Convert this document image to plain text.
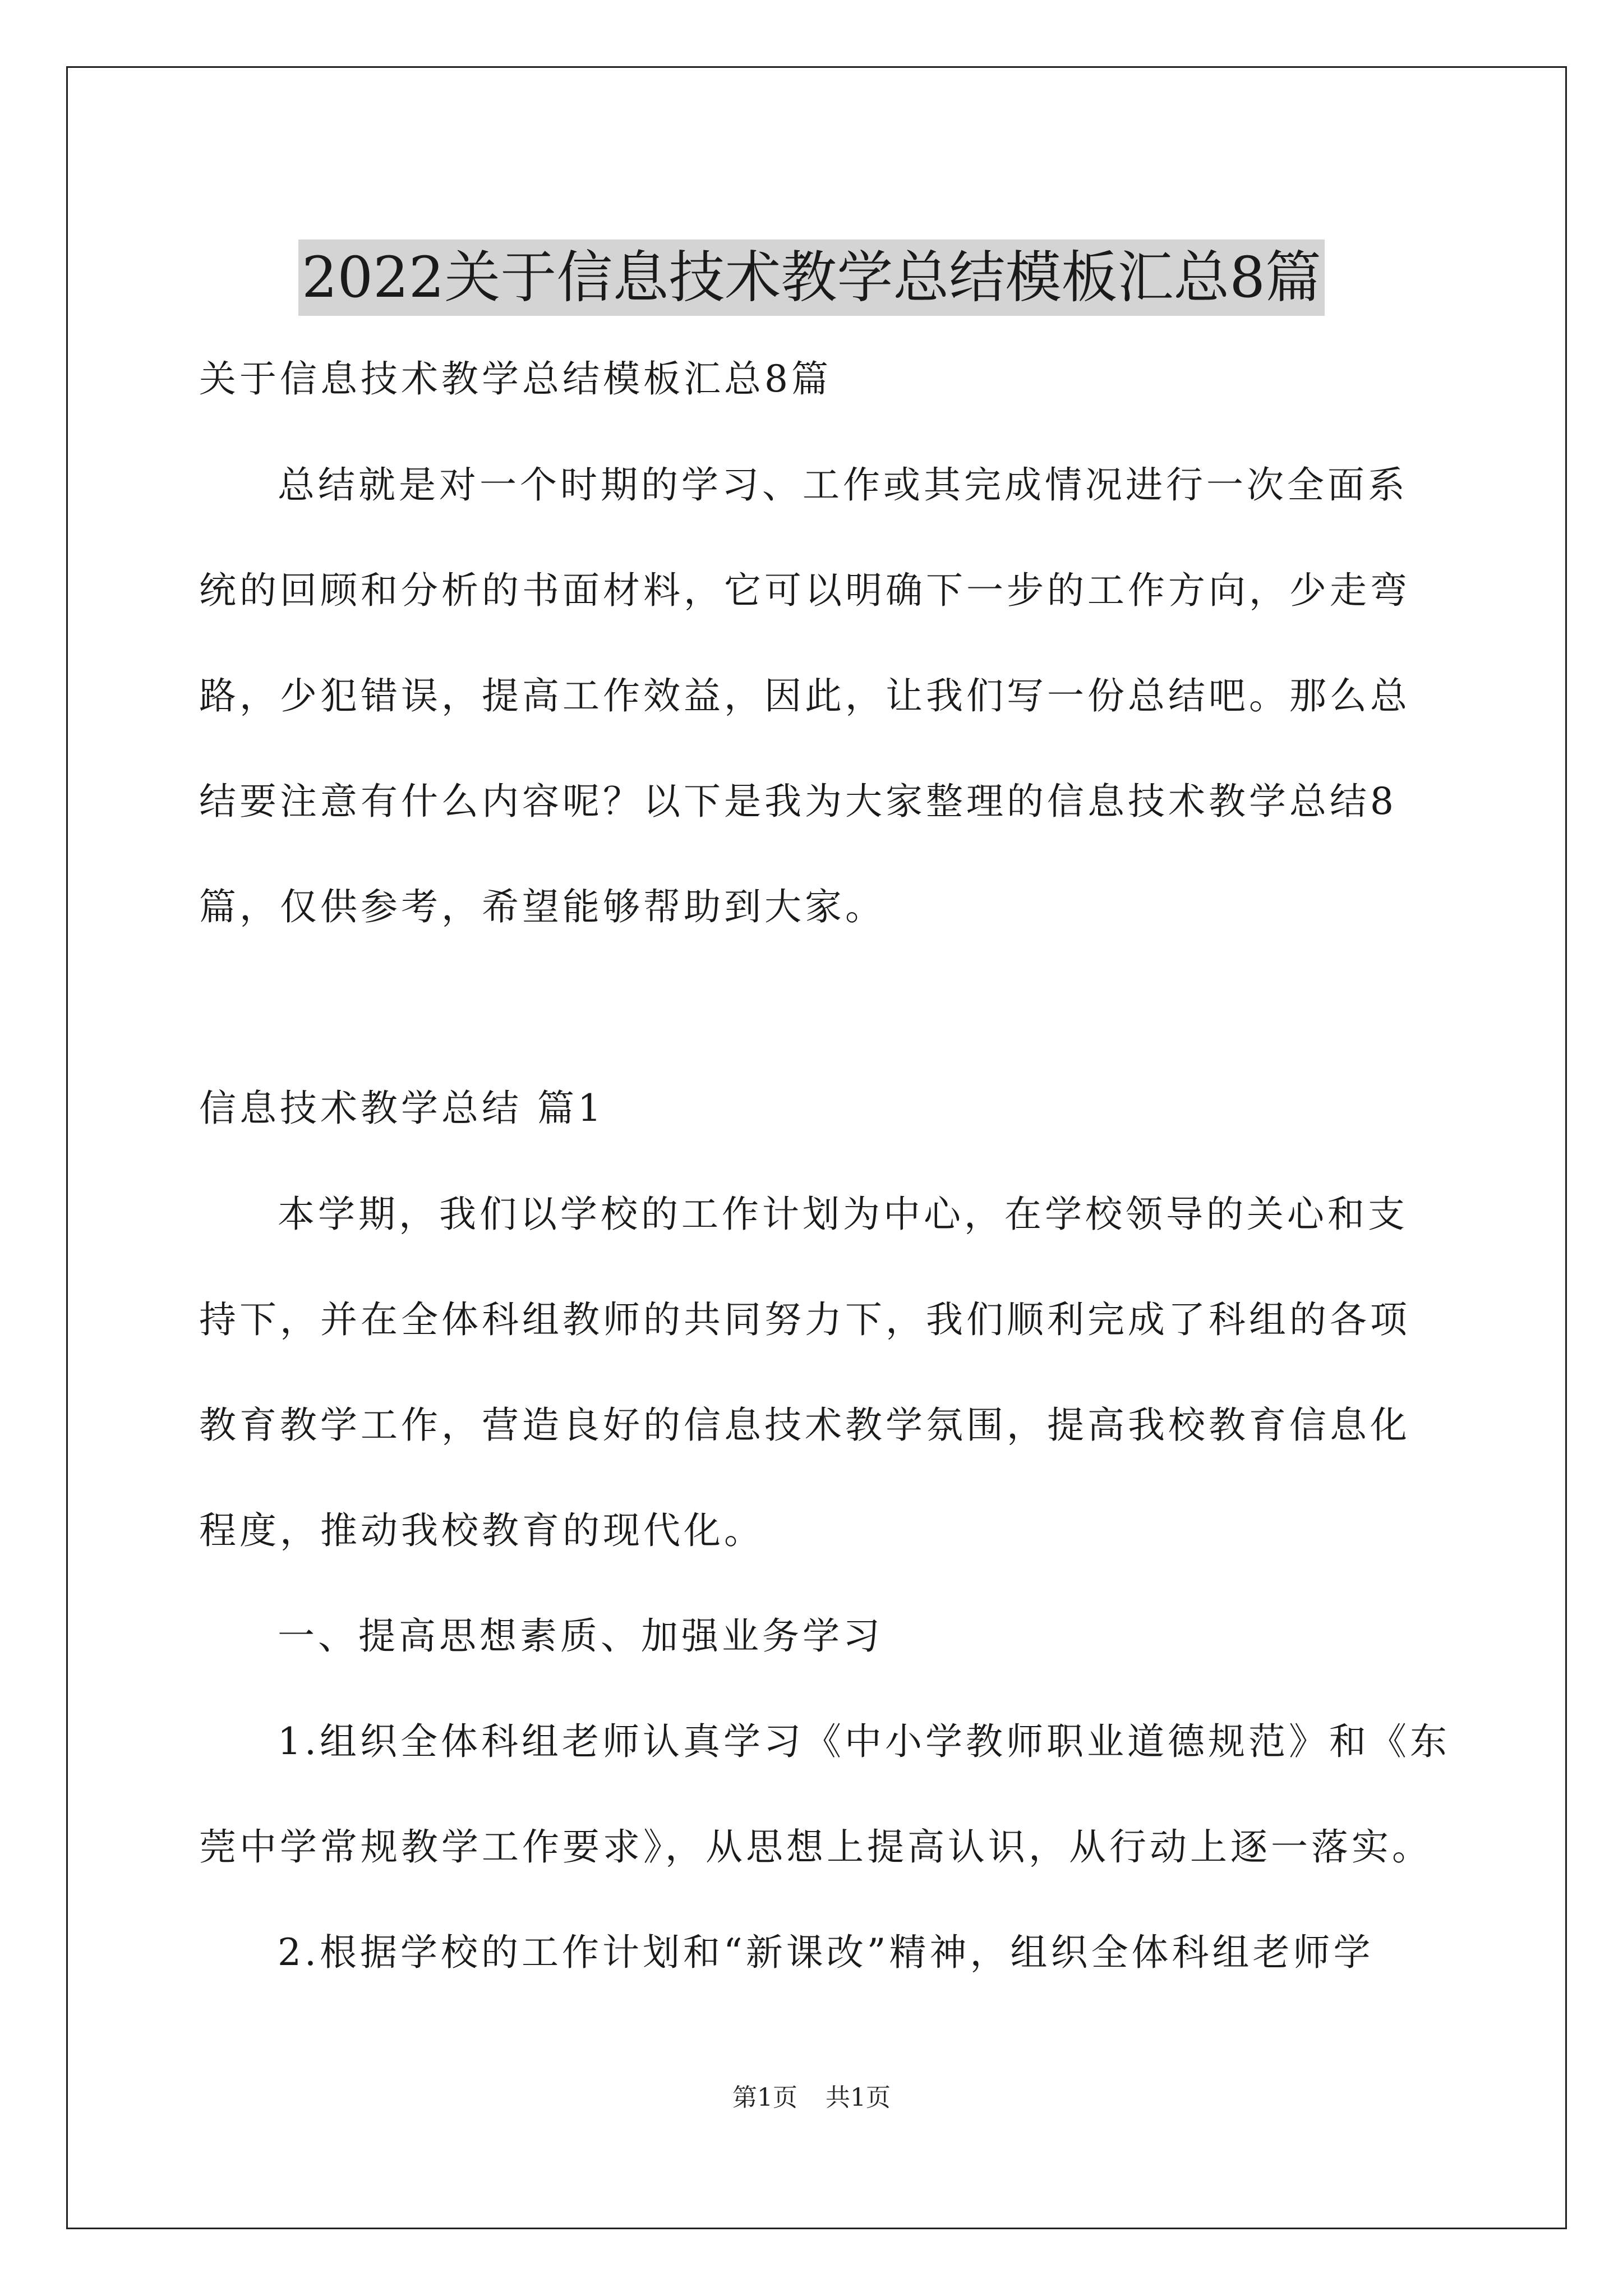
2022关于信息技术教学总结模板汇总8篇
关于信息技术教学总结模板汇总8篇
总结就是对一个时期的学习、工作或其完成情况进行一次全面系
统的回顾和分析的书面材料，它可以明确下一步的工作方向，少走弯
路，少犯错误，提高工作效益，因此，让我们写一份总结吧。那么总
结要注意有什么内容呢？以下是我为大家整理的信息技术教学总结8
篇，仅供参考，希望能够帮助到大家。
信息技术教学总结 篇1
本学期，我们以学校的工作计划为中心，在学校领导的关心和支
持下，并在全体科组教师的共同努力下，我们顺利完成了科组的各项
教育教学工作，营造良好的信息技术教学氛围，提高我校教育信息化
程度，推动我校教育的现代化。
一、提高思想素质、加强业务学习
1.组织全体科组老师认真学习《中小学教师职业道德规范》和《东
莞中学常规教学工作要求》，从思想上提高认识，从行动上逐一落实。
2.根据学校的工作计划和“新课改”精神，组织全体科组老师学
第1页 共1页
